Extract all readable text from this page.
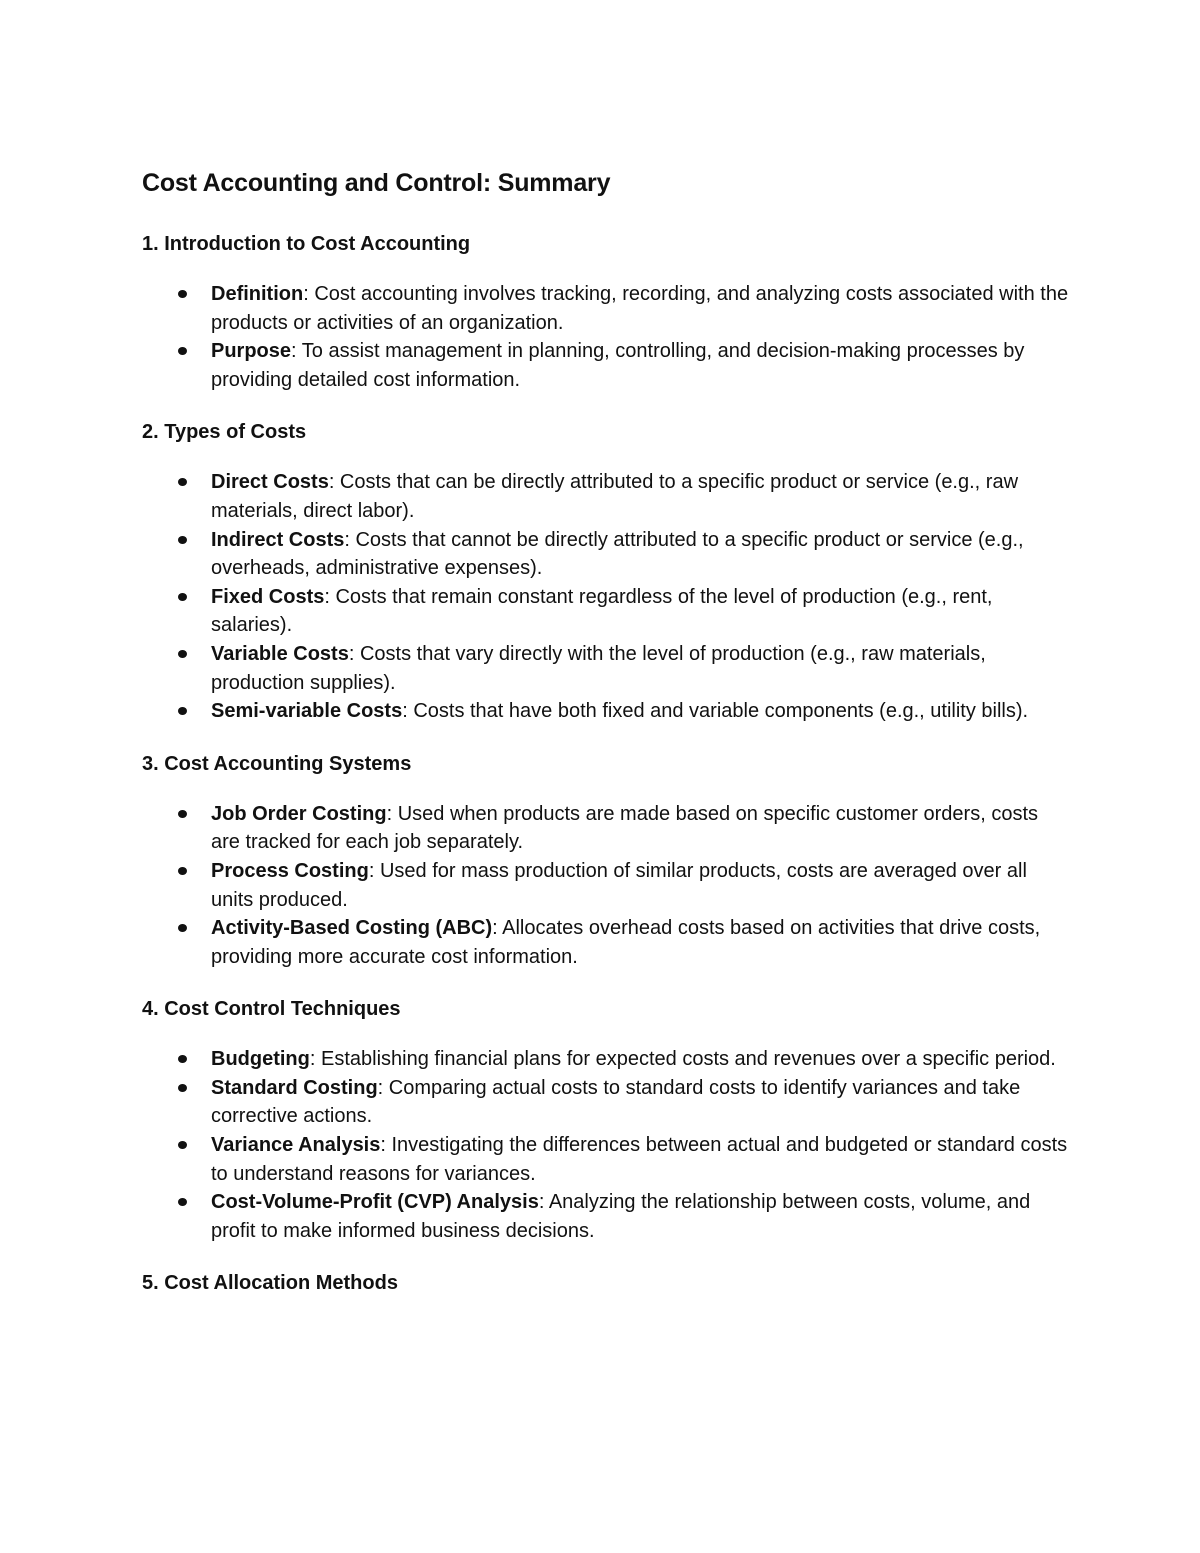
Cost Accounting and Control: Summary
1. Introduction to Cost Accounting
Definition: Cost accounting involves tracking, recording, and analyzing costs associated with the products or activities of an organization.
Purpose: To assist management in planning, controlling, and decision-making processes by providing detailed cost information.
2. Types of Costs
Direct Costs: Costs that can be directly attributed to a specific product or service (e.g., raw materials, direct labor).
Indirect Costs: Costs that cannot be directly attributed to a specific product or service (e.g., overheads, administrative expenses).
Fixed Costs: Costs that remain constant regardless of the level of production (e.g., rent, salaries).
Variable Costs: Costs that vary directly with the level of production (e.g., raw materials, production supplies).
Semi-variable Costs: Costs that have both fixed and variable components (e.g., utility bills).
3. Cost Accounting Systems
Job Order Costing: Used when products are made based on specific customer orders, costs are tracked for each job separately.
Process Costing: Used for mass production of similar products, costs are averaged over all units produced.
Activity-Based Costing (ABC): Allocates overhead costs based on activities that drive costs, providing more accurate cost information.
4. Cost Control Techniques
Budgeting: Establishing financial plans for expected costs and revenues over a specific period.
Standard Costing: Comparing actual costs to standard costs to identify variances and take corrective actions.
Variance Analysis: Investigating the differences between actual and budgeted or standard costs to understand reasons for variances.
Cost-Volume-Profit (CVP) Analysis: Analyzing the relationship between costs, volume, and profit to make informed business decisions.
5. Cost Allocation Methods
